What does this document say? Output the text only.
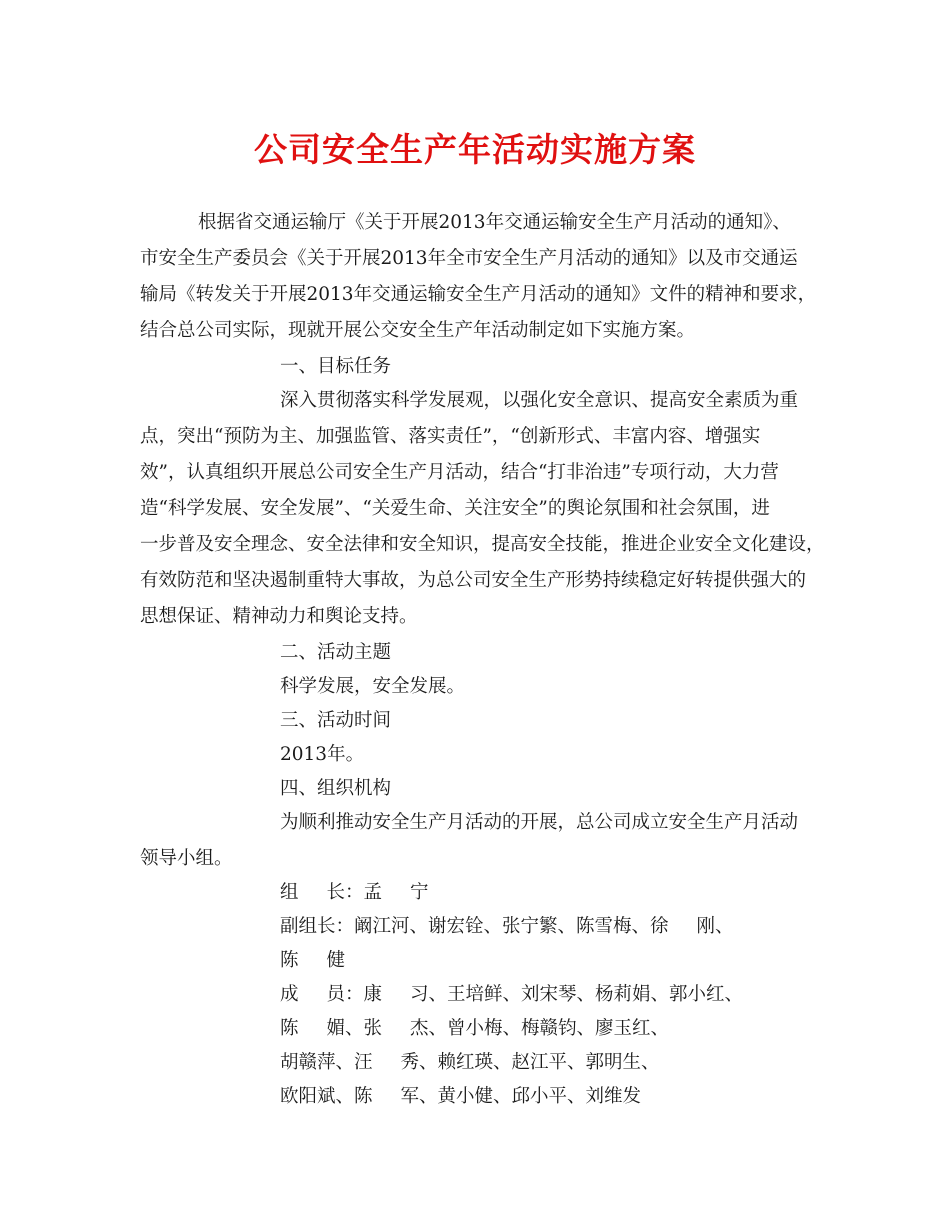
公司安全生产年活动实施方案
根据省交通运输厅《关于开展2013年交通运输安全生产月活动的通知》、
市安全生产委员会《关于开展2013年全市安全生产月活动的通知》以及市交通运
输局《转发关于开展2013年交通运输安全生产月活动的通知》文件的精神和要求，
结合总公司实际，现就开展公交安全生产年活动制定如下实施方案。
一、目标任务
深入贯彻落实科学发展观，以强化安全意识、提高安全素质为重
点，突出“预防为主、加强监管、落实责任”，“创新形式、丰富内容、增强实
效”，认真组织开展总公司安全生产月活动，结合“打非治违”专项行动，大力营
造“科学发展、安全发展”、“关爱生命、关注安全”的舆论氛围和社会氛围，进
一步普及安全理念、安全法律和安全知识，提高安全技能，推进企业安全文化建设，
有效防范和坚决遏制重特大事故，为总公司安全生产形势持续稳定好转提供强大的
思想保证、精神动力和舆论支持。
二、活动主题
科学发展，安全发展。
三、活动时间
2013年。
四、组织机构
为顺利推动安全生产月活动的开展，总公司成立安全生产月活动
领导小组。
组 长：孟 宁
副组长：阚江河、谢宏铨、张宁繁、陈雪梅、徐 刚、
陈 健
成 员：康 习、王培鲜、刘宋琴、杨莉娟、郭小红、
陈 媚、张 杰、曾小梅、梅赣钧、廖玉红、
胡赣萍、汪 秀、赖红瑛、赵江平、郭明生、
欧阳斌、陈 军、黄小健、邱小平、刘维发
